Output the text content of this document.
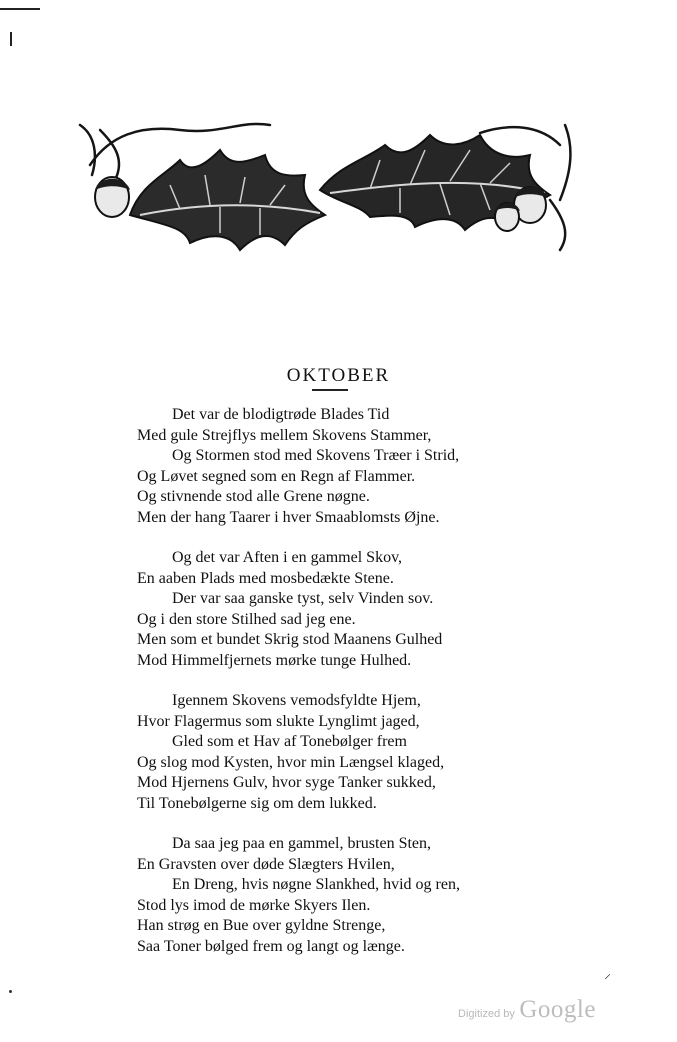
OKTOBER
Det var de blodigtrøde Blades Tid
Med gule Strejflys mellem Skovens Stammer,
Og Stormen stod med Skovens Træer i Strid,
Og Løvet segned som en Regn af Flammer.
Og stivnende stod alle Grene nøgne.
Men der hang Taarer i hver Smaablomsts Øjne.
Og det var Aften i en gammel Skov,
En aaben Plads med mosbedækte Stene.
Der var saa ganske tyst, selv Vinden sov.
Og i den store Stilhed sad jeg ene.
Men som et bundet Skrig stod Maanens Gulhed
Mod Himmelfjernets mørke tunge Hulhed.
Igennem Skovens vemodsfyldte Hjem,
Hvor Flagermus som slukte Lynglimt jaged,
Gled som et Hav af Tonebølger frem
Og slog mod Kysten, hvor min Længsel klaged,
Mod Hjernens Gulv, hvor syge Tanker sukked,
Til Tonebølgerne sig om dem lukked.
Da saa jeg paa en gammel, brusten Sten,
En Gravsten over døde Slægters Hvilen,
En Dreng, hvis nøgne Slankhed, hvid og ren,
Stod lys imod de mørke Skyers Ilen.
Han strøg en Bue over gyldne Strenge,
Saa Toner bølged frem og langt og længe.
⸍
Digitized by Google
